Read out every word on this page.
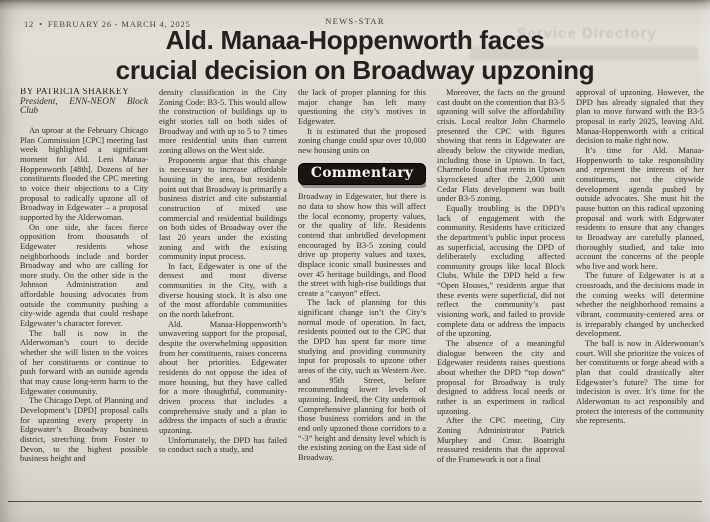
12 • FEBRUARY 26 - MARCH 4, 2025	NEWS-STAR
Service Directory
Ald. Manaa-Hoppenworth faces
crucial decision on Broadway upzoning

BY PATRICIA SHARKEY

President, ENN-NEON Block Club

An uproar at the February Chicago Plan Commission [CPC] meeting last week highlighted a significant moment for Ald. Leni Manaa-Hoppenworth [48th]. Dozens of her constituents flooded the CPC meeting to voice their objections to a City proposal to radically upzone all of Broadway in Edgewater – a proposal supported by the Alderwoman.

On one side, she faces fierce opposition from thousands of Edgewater residents whose neighborhoods include and border Broadway and who are calling for more study. On the other side is the Johnson Administration and affordable housing advocates from outside the community pushing a city-wide agenda that could reshape Edgewater’s character forever.

The ball is now in the Alderwoman’s court to decide whether she will listen to the voices of her constituents or continue to push forward with an outside agenda that may cause long-term harm to the Edgewater community.

The Chicago Dept. of Planning and Development’s [DPD] proposal calls for upzoning every property in Edgewater’s Broadway business district, stretching from Foster to Devon, to the highest possible business height and

density classification in the City Zoning Code: B3-5. This would allow the construction of buildings up to eight stories tall on both sides of Broadway and with up to 5 to 7 times more residential units than current zoning allows on the West side.

Proponents argue that this change is necessary to increase affordable housing in the area, but residents point out that Broadway is primarily a business district and cite substantial construction of mixed use commercial and residential buildings on both sides of Broadway over the last 20 years under the existing zoning and with the existing community input process.

In fact, Edgewater is one of the densest and most diverse communities in the City, with a diverse housing stock. It is also one of the most affordable communities on the north lakefront.

Ald. Manaa-Hoppenworth’s unwavering support for the proposal, despite the overwhelming opposition from her constituents, raises concerns about her priorities. Edgewater residents do not oppose the idea of more housing, but they have called for a more thoughtful, community-driven process that includes a comprehensive study and a plan to address the impacts of such a drastic upzoning.

Unfortunately, the DPD has failed to conduct such a study, and

the lack of proper planning for this major change has left many questioning the city’s motives in Edgewater.

It is estimated that the proposed zoning change could spur over 10,000 new housing units on

Commentary

Broadway in Edgewater, but there is no data to show how this will affect the local economy, property values, or the quality of life. Residents contend that unbridled development encouraged by B3-5 zoning could drive up property values and taxes, displace iconic small businesses and over 45 heritage buildings, and flood the street with high-rise buildings that create a “canyon” effect.

The lack of planning for this significant change isn’t the City’s normal mode of operation. In fact, residents pointed out to the CPC that the DPD has spent far more time studying and providing community input for proposals to upzone other areas of the city, such as Western Ave. and 95th Street, before recommending lower levels of upzoning. Indeed, the City undertook Comprehensive planning for both of those business corridors and in the end only upzoned those corridors to a “-3” height and density level which is the existing zoning on the East side of Broadway.

Moreover, the facts on the ground cast doubt on the contention that B3-5 upzoning will solve the affordability crisis. Local realtor John Charmelo presented the CPC with figures showing that rents in Edgewater are already below the citywide median, including those in Uptown. In fact, Charmelo found that rents in Uptown skyrocketed after the 2,000 unit Cedar Flats development was built under B3-5 zoning.

Equally troubling is the DPD’s lack of engagement with the community. Residents have criticized the department’s public input process as superficial, accusing the DPD of deliberately excluding affected community groups like local Block Clubs. While the DPD held a few “Open Houses,” residents argue that these events were superficial, did not reflect the community’s past visioning work, and failed to provide complete data or address the impacts of the upzoning.

The absence of a meaningful dialogue between the city and Edgewater residents raises questions about whether the DPD “top down” proposal for Broadway is truly designed to address local needs or rather is an experiment in radical upzoning.

After the CPC meeting, City Zoning Administrator Patrick Murphey and Cmsr. Boatright reassured residents that the approval of the Framework is not a final

approval of upzoning. However, the DPD has already signaled that they plan to move forward with the B3-5 proposal in early 2025, leaving Ald. Manaa-Hoppenworth with a critical decision to make right now.

It’s time for Ald. Manaa-Hoppenworth to take responsibility and represent the interests of her constituents, not the citywide development agenda pushed by outside advocates. She must hit the pause button on this radical upzoning proposal and work with Edgewater residents to ensure that any changes to Broadway are carefully planned, thoroughly studied, and take into account the concerns of the people who live and work here.

The future of Edgewater is at a crossroads, and the decisions made in the coming weeks will determine whether the neighborhood remains a vibrant, community-centered area or is irreparably changed by unchecked development.

The ball is now in Alderwoman’s court. Will she prioritize the voices of her constituents or forge ahead with a plan that could drastically alter Edgewater’s future? The time for indecision is over. It’s time for the Alderwoman to act responsibly and protect the interests of the community she represents.
